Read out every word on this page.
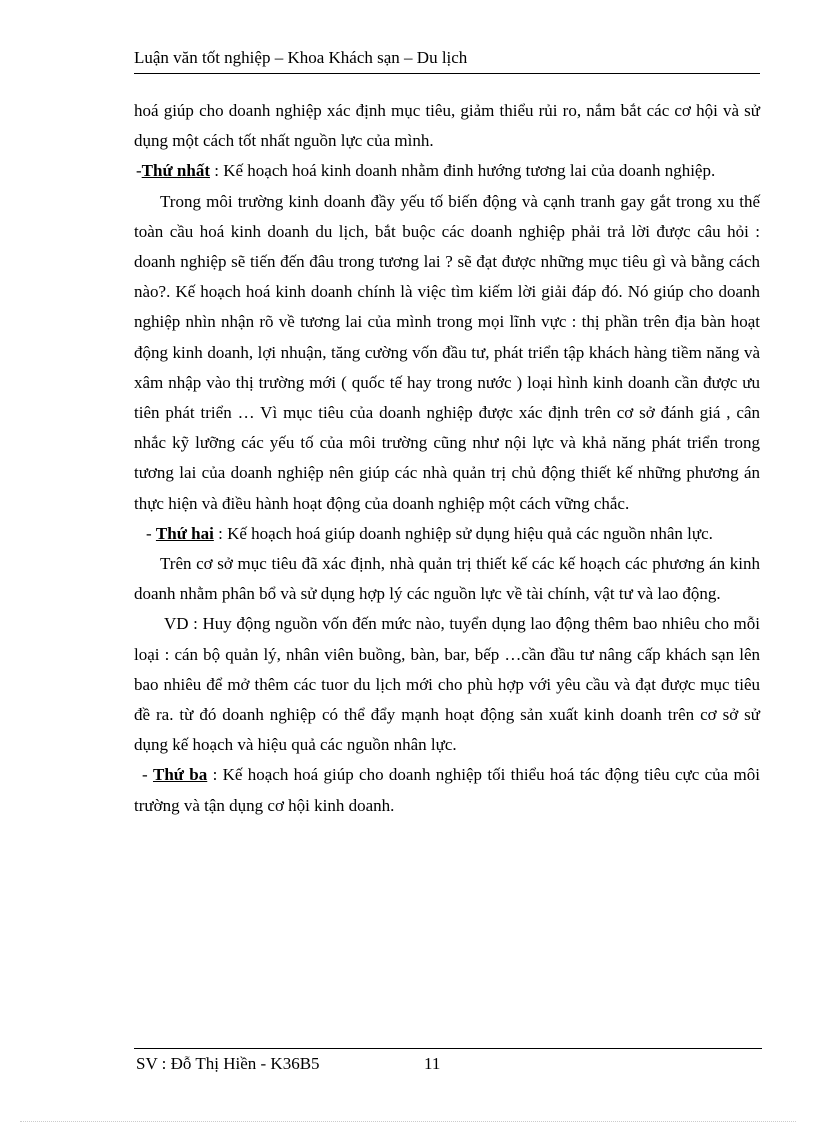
Luận văn tốt nghiệp – Khoa Khách sạn – Du lịch

hoá giúp cho doanh nghiệp xác định mục tiêu, giảm thiểu rủi ro, nắm bắt các cơ hội và sử dụng một cách tốt nhất nguồn lực của mình.

-Thứ nhất : Kế hoạch hoá kinh doanh nhằm đinh hướng tương lai của doanh nghiệp.

Trong môi trường kinh doanh đầy yếu tố biến động và cạnh tranh gay gắt trong xu thế toàn cầu hoá kinh doanh du lịch, bắt buộc các doanh nghiệp phải trả lời được câu hỏi : doanh nghiệp sẽ tiến đến đâu trong tương lai ? sẽ đạt được những mục tiêu gì và bằng cách nào?. Kế hoạch hoá kinh doanh chính là việc tìm kiếm lời giải đáp đó. Nó giúp cho doanh nghiệp nhìn nhận rõ về tương lai của mình trong mọi lĩnh vực : thị phần trên địa bàn hoạt động kinh doanh, lợi nhuận, tăng cường vốn đầu tư, phát triển tập khách hàng tiềm năng và xâm nhập vào thị trường mới ( quốc tế hay trong nước ) loại hình kinh doanh cần được ưu tiên phát triển … Vì mục tiêu của doanh nghiệp được xác định trên cơ sở đánh giá , cân nhắc kỹ lưỡng các yếu tố của môi trường cũng như nội lực và khả năng phát triển trong tương lai của doanh nghiệp nên giúp các nhà quản trị chủ động thiết kế những phương án thực hiện và điều hành hoạt động của doanh nghiệp một cách vững chắc.

- Thứ hai : Kế hoạch hoá giúp doanh nghiệp sử dụng hiệu quả các nguồn nhân lực.

Trên cơ sở mục tiêu đã xác định, nhà quản trị thiết kế các kế hoạch các phương án kinh doanh nhằm phân bổ và sử dụng hợp lý các nguồn lực về tài chính, vật tư và lao động.

VD : Huy động nguồn vốn đến mức nào, tuyển dụng lao động thêm bao nhiêu cho mỗi loại : cán bộ quản lý, nhân viên buồng, bàn, bar, bếp …cần đầu tư nâng cấp khách sạn lên bao nhiêu để mở thêm các tuor du lịch mới cho phù hợp với yêu cầu và đạt được mục tiêu đề ra. từ đó doanh nghiệp có thể đẩy mạnh hoạt động sản xuất kinh doanh trên cơ sở sử dụng kế hoạch và hiệu quả các nguồn nhân lực.

- Thứ ba : Kế hoạch hoá giúp cho doanh nghiệp tối thiểu hoá tác động tiêu cực của môi trường và tận dụng cơ hội kinh doanh.

SV : Đỗ Thị Hiền - K36B5	11
